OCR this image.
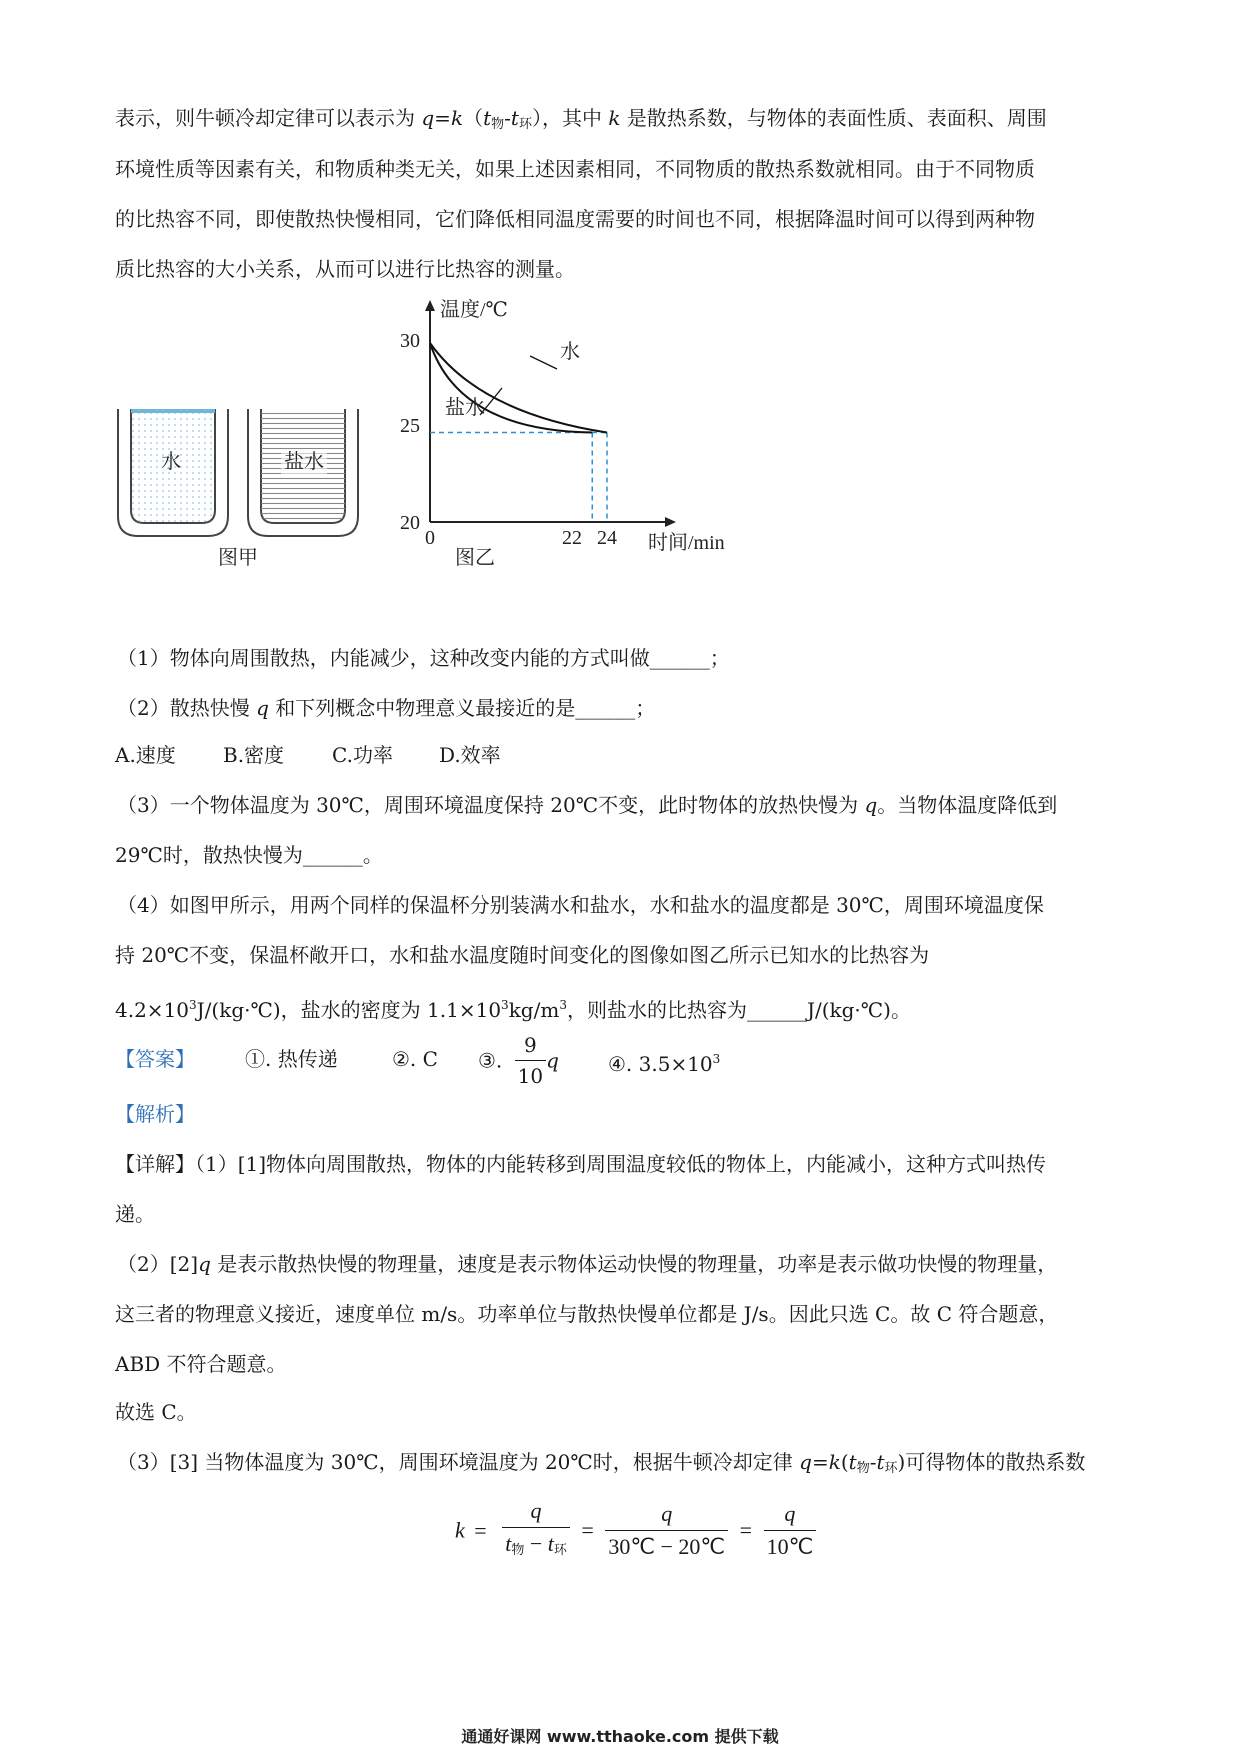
表示，则牛顿冷却定律可以表示为 $q=k(t_物-t_环)$，其中 k 是散热系数，与物体的表面性质、表面积、周围
环境性质等因素有关，和物质种类无关，如果上述因素相同，不同物质的散热系数就相同。由于不同物质
的比热容不同，即使散热快慢相同，它们降低相同温度需要的时间也不同，根据降温时间可以得到两种物
质比热容的大小关系，从而可以进行比热容的测量。
水	盐水
图甲
温度/℃
时间/min
30
25
20
0	22 24
水
盐水
图乙
（1）物体向周围散热，内能减少，这种改变内能的方式叫做______；
（2）散热快慢 q 和下列概念中物理意义最接近的是______；
A.速度 B.密度 C.功率 D.效率
（3）一个物体温度为 30℃，周围环境温度保持 20℃不变，此时物体的放热快慢为 q。当物体温度降低到
29℃时，散热快慢为______。
（4）如图甲所示，用两个同样的保温杯分别装满水和盐水，水和盐水的温度都是 30℃，周围环境温度保
持 20℃不变，保温杯敞开口，水和盐水温度随时间变化的图像如图乙所示已知水的比热容为
$4.2\times 10^3J/(kg\cdot℃)$，盐水的密度为 $1.1\times 10^3kg/m^3$，则盐水的比热容为______J/(kg·℃)。
【答案】	①. 热传递	②. C ③. $\frac{9}{10}$ q ④. $3.5\times 10^3$
【解析】
【详解】（1）[1]物体向周围散热，物体的内能转移到周围温度较低的物体上，内能减小，这种方式叫热传
递。
（2）[2]q 是表示散热快慢的物理量，速度是表示物体运动快慢的物理量，功率是表示做功快慢的物理量，
这三者的物理意义接近，速度单位 m/s。功率单位与散热快慢单位都是 J/s。因此只选 C。故 C 符合题意，
ABD 不符合题意。
故选 C。
（3）[3] 当物体温度为 30℃，周围环境温度为 20℃时，根据牛顿冷却定律 $q=k(t_物-t_环)$可得物体的散热系数
$k = \frac{q}{t_物 - t_环} = \frac{q}{30℃ - 20℃} = \frac{q}{10℃}$
通通好课网 www.tthaoke.com 提供下载
